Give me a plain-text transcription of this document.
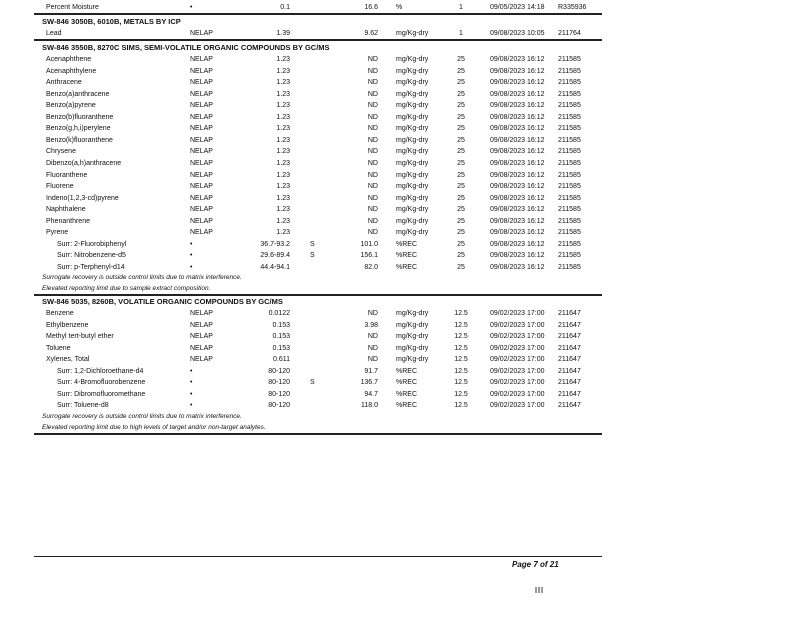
Percent Moisture	•	0.1	16.6	%	1	09/05/2023 14:18 R335936
SW-846 3050B, 6010B, METALS BY ICP
Lead	NELAP	1.39	9.62	mg/Kg-dry	1	09/08/2023 10:05 211764
SW-846 3550B, 8270C SIMS, SEMI-VOLATILE ORGANIC COMPOUNDS BY GC/MS
Acenaphthene	NELAP	1.23	ND	mg/Kg-dry	25	09/08/2023 16:12 211585
Acenaphthylene	NELAP	1.23	ND	mg/Kg-dry	25	09/08/2023 16:12 211585
Anthracene	NELAP	1.23	ND	mg/Kg-dry	25	09/08/2023 16:12 211585
Benzo(a)anthracene	NELAP	1.23	ND	mg/Kg-dry	25	09/08/2023 16:12 211585
Benzo(a)pyrene	NELAP	1.23	ND	mg/Kg-dry	25	09/08/2023 16:12 211585
Benzo(b)fluoranthene	NELAP	1.23	ND	mg/Kg-dry	25	09/08/2023 16:12 211585
Benzo(g,h,i)perylene	NELAP	1.23	ND	mg/Kg-dry	25	09/08/2023 16:12 211585
Benzo(k)fluoranthene	NELAP	1.23	ND	mg/Kg-dry	25	09/08/2023 16:12 211585
Chrysene	NELAP	1.23	ND	mg/Kg-dry	25	09/08/2023 16:12 211585
Dibenzo(a,h)anthracene	NELAP	1.23	ND	mg/Kg-dry	25	09/08/2023 16:12 211585
Fluoranthene	NELAP	1.23	ND	mg/Kg-dry	25	09/08/2023 16:12 211585
Fluorene	NELAP	1.23	ND	mg/Kg-dry	25	09/08/2023 16:12 211585
Indeno(1,2,3-cd)pyrene	NELAP	1.23	ND	mg/Kg-dry	25	09/08/2023 16:12 211585
Naphthalene	NELAP	1.23	ND	mg/Kg-dry	25	09/08/2023 16:12 211585
Phenanthrene	NELAP	1.23	ND	mg/Kg-dry	25	09/08/2023 16:12 211585
Pyrene	NELAP	1.23	ND	mg/Kg-dry	25	09/08/2023 16:12 211585
Surr: 2-Fluorobiphenyl	•	36.7-93.2	S	101.0	%REC	25	09/08/2023 16:12 211585
Surr: Nitrobenzene-d5	•	29.6-89.4	S	156.1	%REC	25	09/08/2023 16:12 211585
Surr: p-Terphenyl-d14	•	44.4-94.1	82.0	%REC	25	09/08/2023 16:12 211585
Surrogate recovery is outside control limits due to matrix interference.
Elevated reporting limit due to sample extract composition.
SW-846 5035, 8260B, VOLATILE ORGANIC COMPOUNDS BY GC/MS
Benzene	NELAP	0.0122	ND	mg/Kg-dry	12.5	09/02/2023 17:00 211647
Ethylbenzene	NELAP	0.153	3.98	mg/Kg-dry	12.5	09/02/2023 17:00 211647
Methyl tert-butyl ether	NELAP	0.153	ND	mg/Kg-dry	12.5	09/02/2023 17:00 211647
Toluene	NELAP	0.153	ND	mg/Kg-dry	12.5	09/02/2023 17:00 211647
Xylenes, Total	NELAP	0.611	ND	mg/Kg-dry	12.5	09/02/2023 17:00 211647
Surr: 1,2-Dichloroethane-d4	•	80-120	91.7	%REC	12.5	09/02/2023 17:00 211647
Surr: 4-Bromofluorobenzene	•	80-120	S	136.7	%REC	12.5	09/02/2023 17:00 211647
Surr: Dibromofluoromethane	•	80-120	94.7	%REC	12.5	09/02/2023 17:00 211647
Surr: Toluene-d8	•	80-120	118.0	%REC	12.5	09/02/2023 17:00 211647
Surrogate recovery is outside control limits due to matrix interference.
Elevated reporting limit due to high levels of target and/or non-target analytes.
Page 7 of 21
